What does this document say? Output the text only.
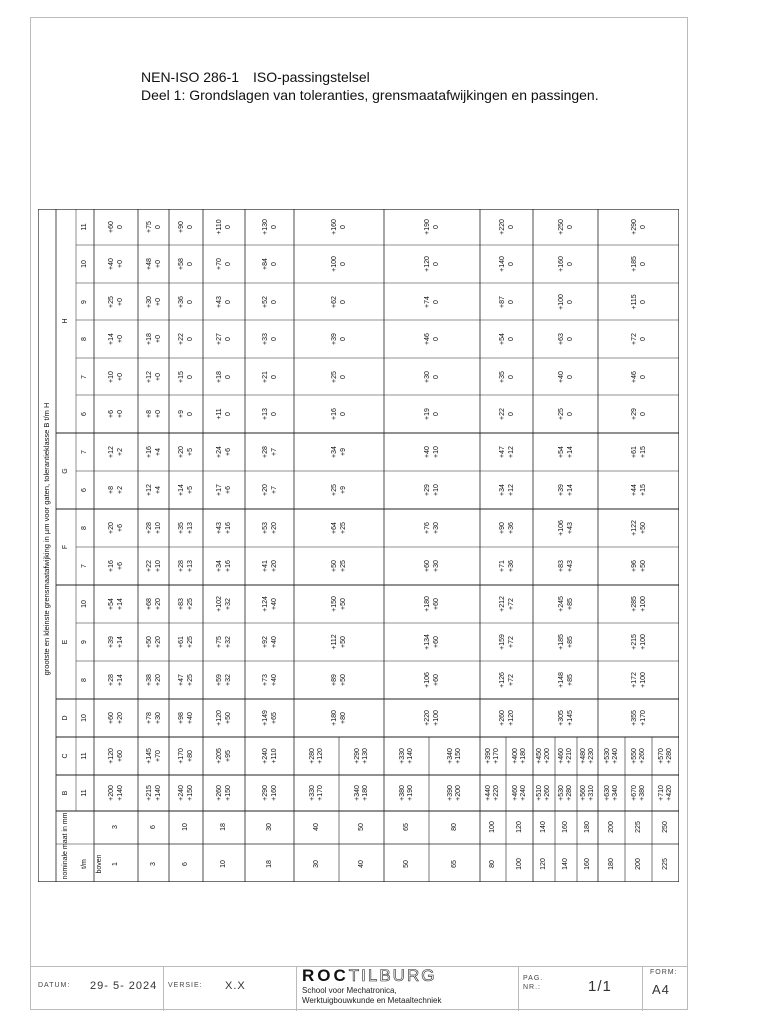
NEN-ISO 286-1 ISO-passingstelsel
Deel 1: Grondslagen van toleranties, grensmaatafwijkingen en passingen.
grootste en kleinste grensmaatafwijking in µm voor gaten, tolerantieklasse B t/m H
H
G
F
E
D
C
B
11
10
9
8
7
6
7
6
8
7
10
9
8
10
11
11
nominale maat in mm t/m boven 1
3
+200 +140
+120 +60
+60 +20
+28 +14
+39 +14
+54 +14
+16 +6
+20 +6
+8 +2
+12 +2
+6 +0
+10 +0
+14 +0
+25 +0
+40 +0
+60 0
3
6
+215 +140
+145 +70
+78 +30
+38 +20
+50 +20
+68 +20
+22 +10
+28 +10
+12 +4
+16 +4
+8 +0
+12 +0
+18 +0
+30 +0
+48 +0
+75 0
6
10
+240 +150
+170 +80
+98 +40
+47 +25
+61 +25
+83 +25
+28 +13
+35 +13
+14 +5
+20 +5
+9 0
+15 0
+22 0
+36 0
+58 0
+90 0
10
18
+260 +150
+205 +95
+120 +50
+59 +32
+75 +32
+102 +32
+34 +16
+43 +16
+17 +6
+24 +6
+11 0
+18 0
+27 0
+43 0
+70 0
+110 0
18
30
+290 +160
+240 +110
+149 +65
+73 +40
+92 +40
+124 +40
+41 +20
+53 +20
+20 +7
+28 +7
+13 0
+21 0
+33 0
+52 0
+84 0
+130 0
30
40
+330 +170
+280 +120
40
50
+340 +180
+290 +130
+180 +80
+89 +50
+112 +50
+150 +50
+50 +25
+64 +25
+25 +9
+34 +9
+16 0
+25 0
+39 0
+62 0
+100 0
+160 0
50
65
+380 +190
+330 +140
65
80
+390 +200
+340 +150
+220 +100
+106 +60
+134 +60
+180 +60
+60 +30
+76 +30
+29 +10
+40 +10
+19 0
+30 0
+46 0
+74 0
+120 0
+190 0
80
100
+440 +220
+390 +170
100
120
+460 +240
+400 +180
+260 +120
+126 +72
+159 +72
+212 +72
+71 +36
+90 +36
+34 +12
+47 +12
+22 0
+35 0
+54 0
+87 0
+140 0
+220 0
120
140
+510 +260
+450 +200
140
160
+530 +280
+460 +210
160
180
+560 +310
+480 +230
+305 +145
+148 +85
+185 +85
+245 +85
+83 +43
+106 +43
+39 +14
+54 +14
+25 0
+40 0
+63 0
+100 0
+160 0
+250 0
180
200
+630 +340
+530 +240
200
225
+670 +380
+550 +260
225
250
+710 +420
+570 +280
+355 +170
+172 +100
+215 +100
+285 +100
+96 +50
+122 +50
+44 +15
+61 +15
+29 0
+46 0
+72 0
+115 0
+185 0
+290 0
DATUM: 29- 5- 2024 VERSIE: X.X
ROCTILBURG
School voor Mechatronica,
Werktuigbouwkunde en Metaaltechniek
PAG.
NR.:	1/1
FORM:
A4
